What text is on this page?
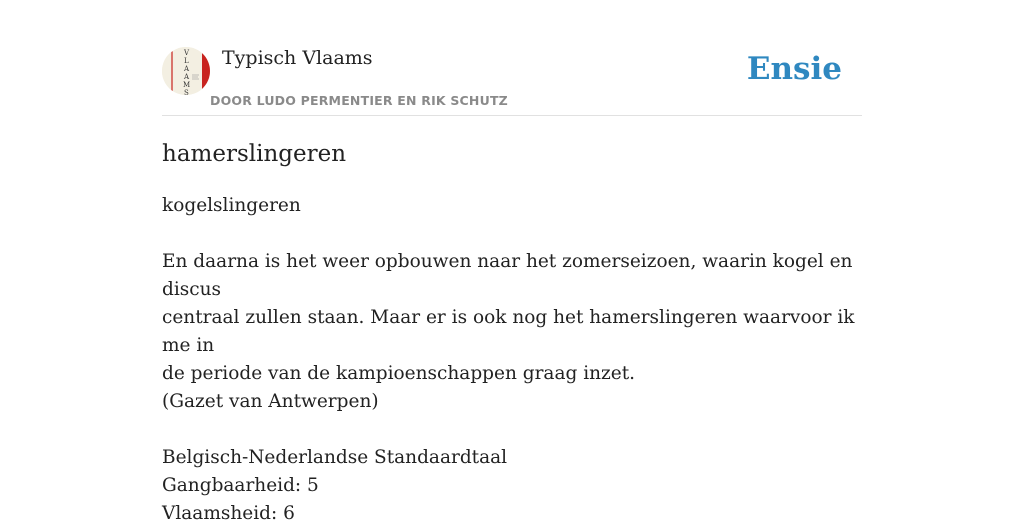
V
L
A
A
M
S
Typisch Vlaams
DOOR LUDO PERMENTIER EN RIK SCHUTZ
Ensie
hamerslingeren

kogelslingeren

En daarna is het weer opbouwen naar het zomerseizoen, waarin kogel en discus

centraal zullen staan. Maar er is ook nog het hamerslingeren waarvoor ik me in

de periode van de kampioenschappen graag inzet.

(Gazet van Antwerpen)

Belgisch-Nederlandse Standaardtaal

Gangbaarheid: 5

Vlaamsheid: 6
